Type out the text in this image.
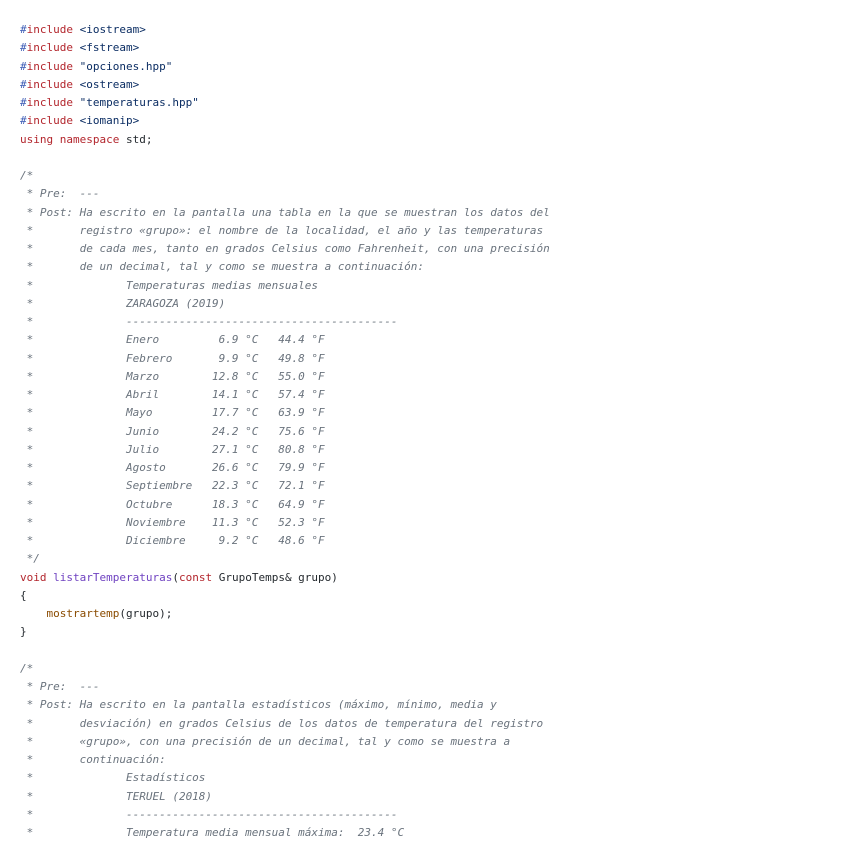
#include <iostream>
#include <fstream>
#include "opciones.hpp"
#include <ostream>
#include "temperaturas.hpp"
#include <iomanip>
using namespace std;
/*
* Pre:  ---
* Post: Ha escrito en la pantalla una tabla en la que se muestran los datos del
*       registro «grupo»: el nombre de la localidad, el año y las temperaturas
*       de cada mes, tanto en grados Celsius como Fahrenheit, con una precisión
*       de un decimal, tal y como se muestra a continuación:
*              Temperaturas medias mensuales
*              ZARAGOZA (2019)
*              -----------------------------------------
*              Enero         6.9 °C   44.4 °F
*              Febrero       9.9 °C   49.8 °F
*              Marzo        12.8 °C   55.0 °F
*              Abril        14.1 °C   57.4 °F
*              Mayo         17.7 °C   63.9 °F
*              Junio        24.2 °C   75.6 °F
*              Julio        27.1 °C   80.8 °F
*              Agosto       26.6 °C   79.9 °F
*              Septiembre   22.3 °C   72.1 °F
*              Octubre      18.3 °C   64.9 °F
*              Noviembre    11.3 °C   52.3 °F
*              Diciembre     9.2 °C   48.6 °F
*/
void listarTemperaturas(const GrupoTemps& grupo)
{
mostrartemp(grupo);
}
/*
* Pre:  ---
* Post: Ha escrito en la pantalla estadísticos (máximo, mínimo, media y
*       desviación) en grados Celsius de los datos de temperatura del registro
*       «grupo», con una precisión de un decimal, tal y como se muestra a
*       continuación:
*              Estadísticos
*              TERUEL (2018)
*              -----------------------------------------
*              Temperatura media mensual máxima:  23.4 °C
